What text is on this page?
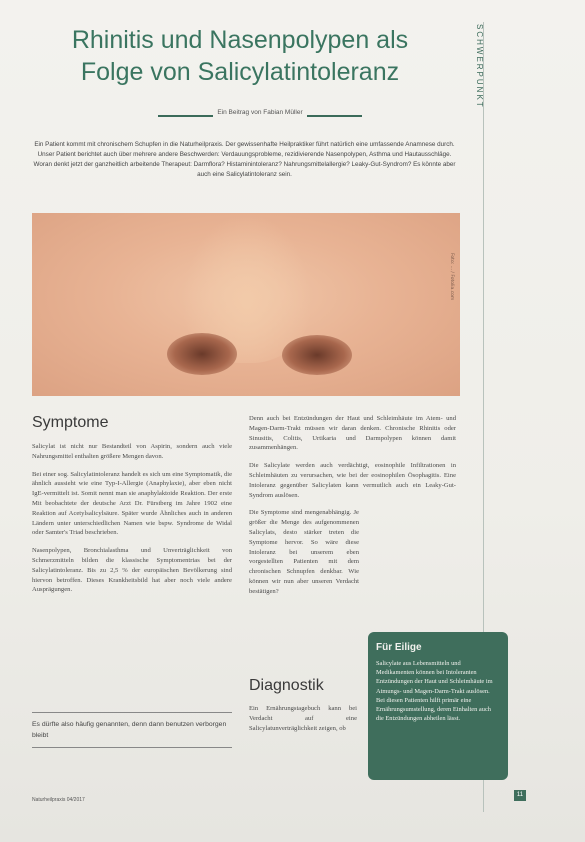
SCHWERPUNKT
Rhinitis und Nasenpolypen als
Folge von Salicylatintoleranz
Ein Beitrag von Fabian Müller
Ein Patient kommt mit chronischem Schupfen in die Naturheilpraxis. Der gewissenhafte Heilpraktiker führt natürlich eine umfassende Anamnese durch. Unser Patient berichtet auch über mehrere andere Beschwerden: Verdauungsprobleme, rezidivierende Nasenpolypen, Asthma und Hautausschläge. Woran denkt jetzt der ganzheitlich arbeitende Therapeut: Darmflora? Histaminintoleranz? Nahrungsmittelallergie? Leaky-Gut-Syndrom? Es könnte aber auch eine Salicylatintoleranz sein.
Foto: ... / Fotolia.com
Symptome

Salicylat ist nicht nur Bestandteil von Aspirin, sondern auch viele Nahrungsmittel enthalten größere Mengen davon.

Bei einer sog. Salicylatintoleranz handelt es sich um eine Symptomatik, die ähnlich aussieht wie eine Typ-I-Allergie (Anaphylaxie), aber eben nicht IgE-vermittelt ist. Somit nennt man sie anaphylaktoide Reaktion. Der erste Mit beobachtete der deutsche Arzt Dr. Fürstberg im Jahre 1902 eine Reaktion auf Acetylsalicylsäure. Später wurde Ähnliches auch in anderen Ländern unter unterschiedlichen Namen wie bspw. Syndrome de Widal oder Samter's Triad beschrieben.

Nasenpolypen, Bronchialasthma und Unverträglichkeit von Schmerzmitteln bilden die klassische Symptomentrias bei der Salicylatintoleranz. Bis zu 2,5 % der europäischen Bevölkerung sind hiervon betroffen. Dieses Krankheitsbild hat aber noch viele andere Ausprägungen.

Es dürfte also häufig genannten, denn dann benutzen verborgen bleibt

Denn auch bei Entzündungen der Haut und Schleimhäute im Atem- und Magen-Darm-Trakt müssen wir daran denken. Chronische Rhinitis oder Sinusitis, Colitis, Urtikaria und Darmpolypen können damit zusammenhängen.

Die Salicylate werden auch verdächtigt, eosinophile Infiltrationen in Schleimhäuten zu verursachen, wie bei der eosinophilen Ösophagitis. Eine Intoleranz gegenüber Salicylaten kann vermutlich auch ein Leaky-Gut-Syndrom auslösen.

Die Symptome sind mengenabhängig. Je größer die Menge des aufgenommenen Salicylats, desto stärker treten die Symptome hervor. So wäre diese Intoleranz bei unserem eben vorgestellten Patienten mit dem chronischen Schnupfen denkbar. Wie können wir nun aber unseren Verdacht bestätigen?

Diagnostik

Ein Ernährungstagebuch kann bei Verdacht auf eine Salicylatunverträglichkeit zeigen, ob

Für Eilige

Salicylate aus Lebensmitteln und Medikamenten können bei Intoleranten Entzündungen der Haut und Schleimhäute im Atmungs- und Magen-Darm-Trakt auslösen. Bei diesen Patienten hilft primär eine Ernährungsumstellung, deren Einhalten auch die Entzündungen abheilen lässt.

Naturheilpraxis 04/2017
11
